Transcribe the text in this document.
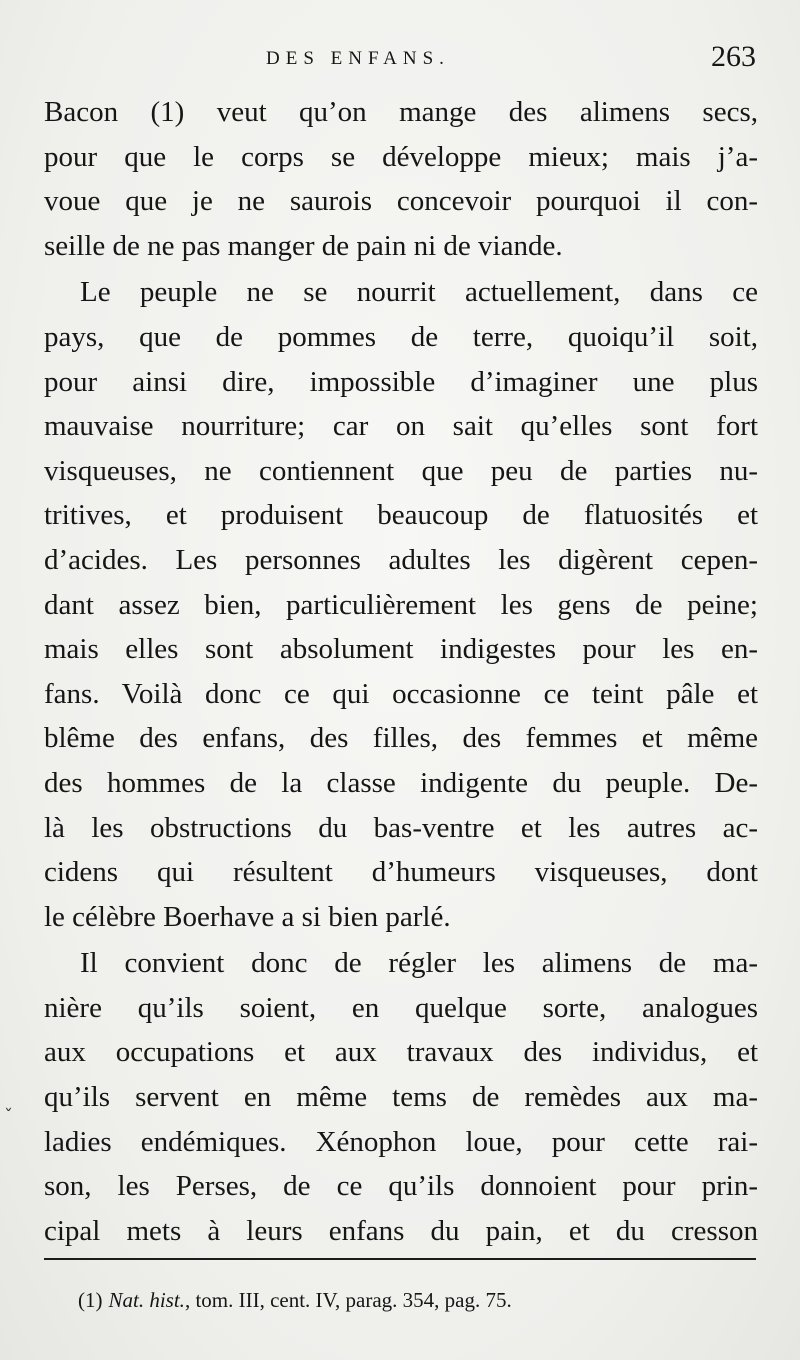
DES ENFANS.	263
Bacon (1) veut qu’on mange des alimens secs,
pour que le corps se développe mieux; mais j’a-
voue que je ne saurois concevoir pourquoi il con-
seille de ne pas manger de pain ni de viande.
Le peuple ne se nourrit actuellement, dans ce
pays, que de pommes de terre, quoiqu’il soit,
pour ainsi dire, impossible d’imaginer une plus
mauvaise nourriture; car on sait qu’elles sont fort
visqueuses, ne contiennent que peu de parties nu-
tritives, et produisent beaucoup de flatuosités et
d’acides. Les personnes adultes les digèrent cepen-
dant assez bien, particulièrement les gens de peine;
mais elles sont absolument indigestes pour les en-
fans. Voilà donc ce qui occasionne ce teint pâle et
blême des enfans, des filles, des femmes et même
des hommes de la classe indigente du peuple. De-
là les obstructions du bas-ventre et les autres ac-
cidens qui résultent d’humeurs visqueuses, dont
le célèbre Boerhave a si bien parlé.
Il convient donc de régler les alimens de ma-
nière qu’ils soient, en quelque sorte, analogues
aux occupations et aux travaux des individus, et
qu’ils servent en même tems de remèdes aux ma-
ladies endémiques. Xénophon loue, pour cette rai-
son, les Perses, de ce qu’ils donnoient pour prin-
cipal mets à leurs enfans du pain, et du cresson
(1) Nat. hist., tom. III, cent. IV, parag. 354, pag. 75.
ˇ
